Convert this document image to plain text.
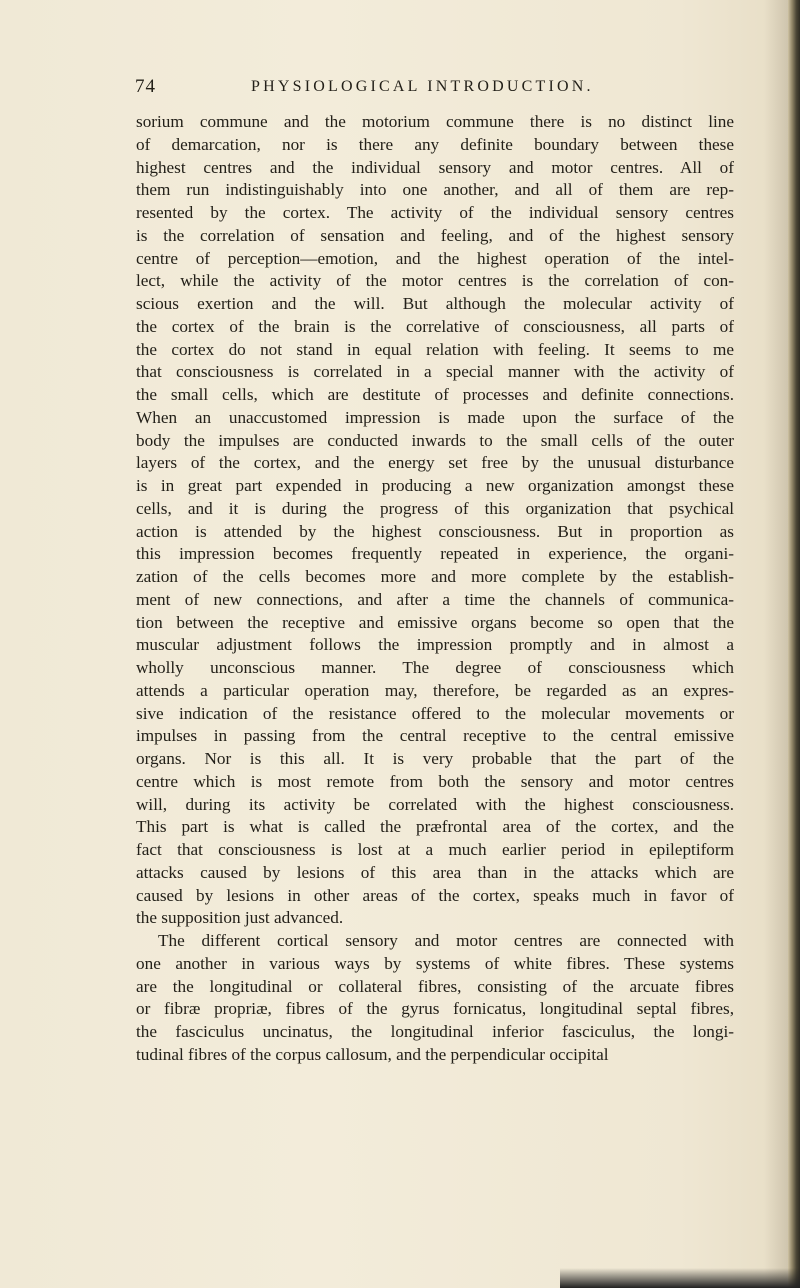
74	PHYSIOLOGICAL INTRODUCTION.
sorium commune and the motorium commune there is no distinct line
of demarcation, nor is there any definite boundary between these
highest centres and the individual sensory and motor centres. All of
them run indistinguishably into one another, and all of them are rep-
resented by the cortex. The activity of the individual sensory centres
is the correlation of sensation and feeling, and of the highest sensory
centre of perception—emotion, and the highest operation of the intel-
lect, while the activity of the motor centres is the correlation of con-
scious exertion and the will. But although the molecular activity of
the cortex of the brain is the correlative of consciousness, all parts of
the cortex do not stand in equal relation with feeling. It seems to me
that consciousness is correlated in a special manner with the activity of
the small cells, which are destitute of processes and definite connections.
When an unaccustomed impression is made upon the surface of the
body the impulses are conducted inwards to the small cells of the outer
layers of the cortex, and the energy set free by the unusual disturbance
is in great part expended in producing a new organization amongst these
cells, and it is during the progress of this organization that psychical
action is attended by the highest consciousness. But in proportion as
this impression becomes frequently repeated in experience, the organi-
zation of the cells becomes more and more complete by the establish-
ment of new connections, and after a time the channels of communica-
tion between the receptive and emissive organs become so open that the
muscular adjustment follows the impression promptly and in almost a
wholly unconscious manner. The degree of consciousness which
attends a particular operation may, therefore, be regarded as an expres-
sive indication of the resistance offered to the molecular movements or
impulses in passing from the central receptive to the central emissive
organs. Nor is this all. It is very probable that the part of the
centre which is most remote from both the sensory and motor centres
will, during its activity be correlated with the highest consciousness.
This part is what is called the præfrontal area of the cortex, and the
fact that consciousness is lost at a much earlier period in epileptiform
attacks caused by lesions of this area than in the attacks which are
caused by lesions in other areas of the cortex, speaks much in favor of
the supposition just advanced.
The different cortical sensory and motor centres are connected with
one another in various ways by systems of white fibres. These systems
are the longitudinal or collateral fibres, consisting of the arcuate fibres
or fibræ propriæ, fibres of the gyrus fornicatus, longitudinal septal fibres,
the fasciculus uncinatus, the longitudinal inferior fasciculus, the longi-
tudinal fibres of the corpus callosum, and the perpendicular occipital
